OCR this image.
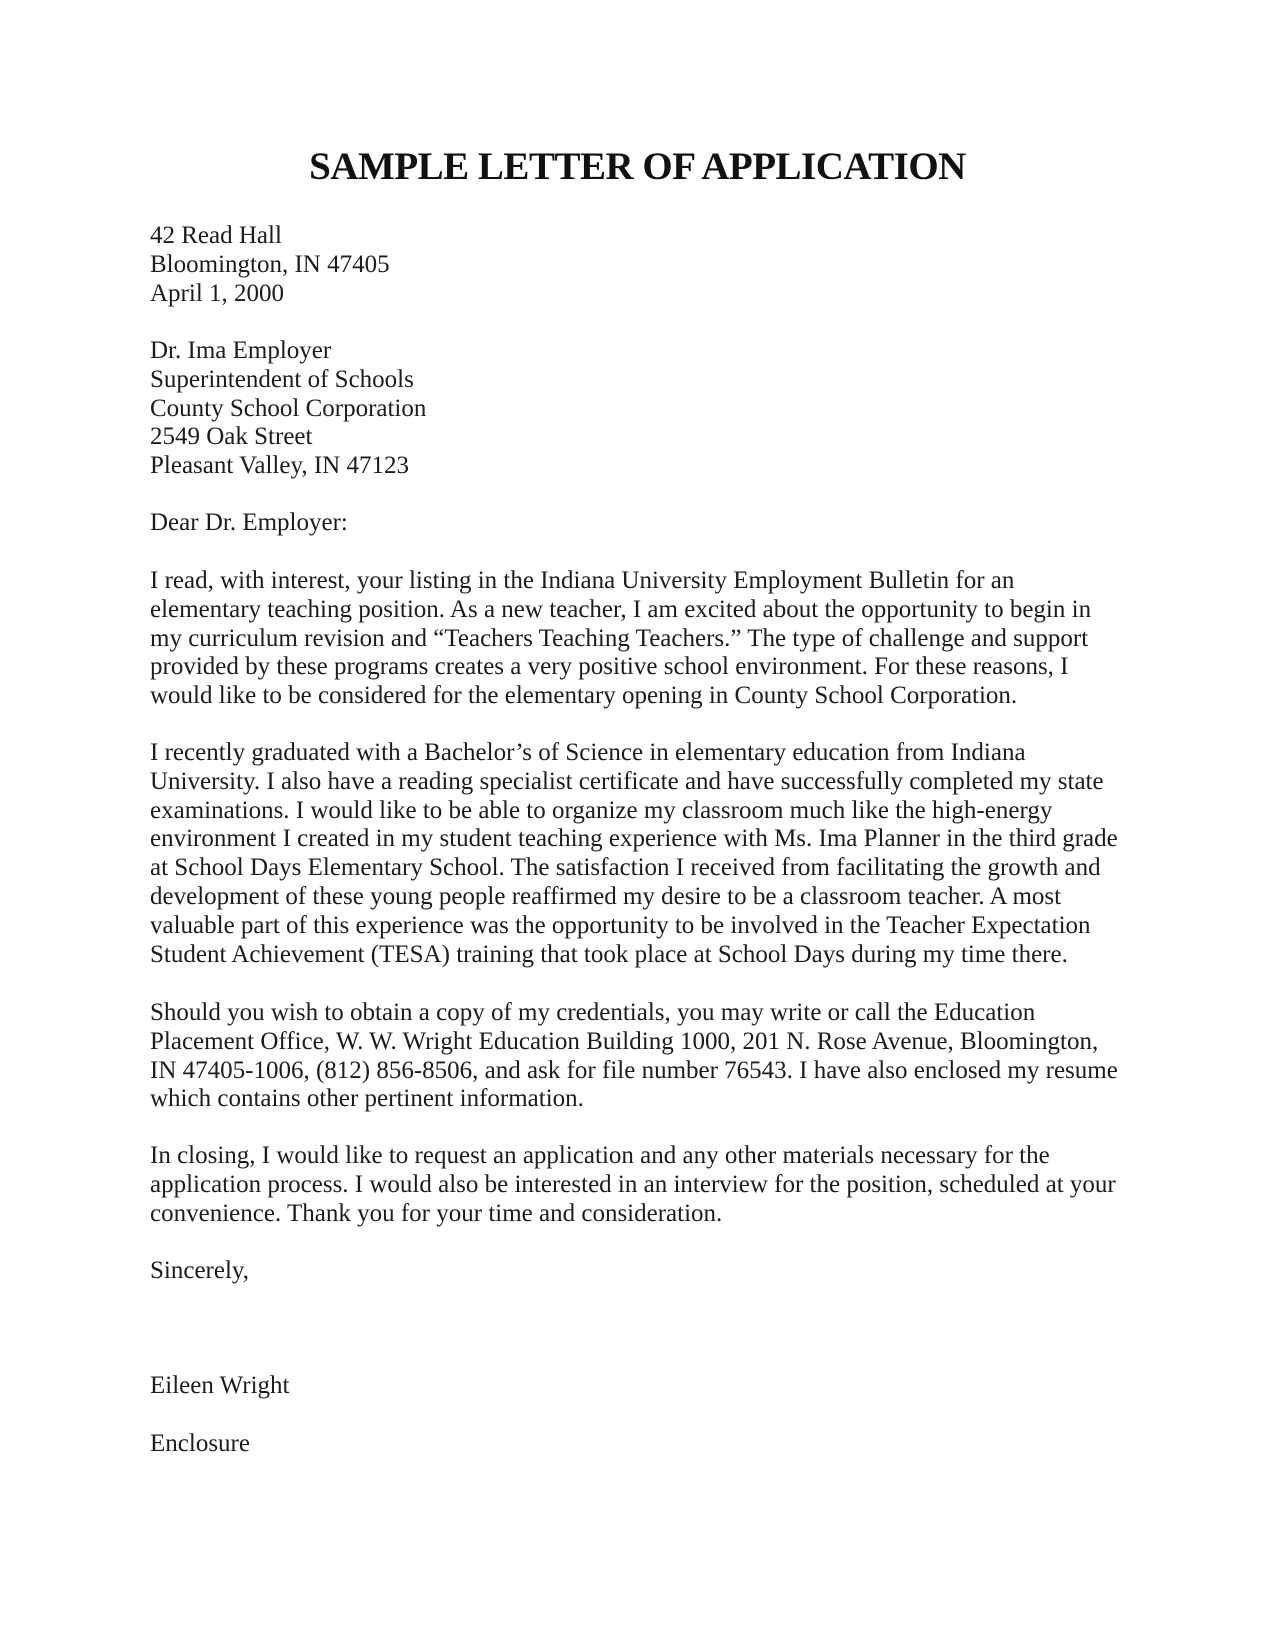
SAMPLE LETTER OF APPLICATION
42 Read Hall
Bloomington, IN 47405
April 1, 2000
Dr. Ima Employer
Superintendent of Schools
County School Corporation
2549 Oak Street
Pleasant Valley, IN 47123
Dear Dr. Employer:
I read, with interest, your listing in the Indiana University Employment Bulletin for an
elementary teaching position. As a new teacher, I am excited about the opportunity to begin in
my curriculum revision and “Teachers Teaching Teachers.” The type of challenge and support
provided by these programs creates a very positive school environment. For these reasons, I
would like to be considered for the elementary opening in County School Corporation.
I recently graduated with a Bachelor’s of Science in elementary education from Indiana
University. I also have a reading specialist certificate and have successfully completed my state
examinations. I would like to be able to organize my classroom much like the high-energy
environment I created in my student teaching experience with Ms. Ima Planner in the third grade
at School Days Elementary School. The satisfaction I received from facilitating the growth and
development of these young people reaffirmed my desire to be a classroom teacher. A most
valuable part of this experience was the opportunity to be involved in the Teacher Expectation
Student Achievement (TESA) training that took place at School Days during my time there.
Should you wish to obtain a copy of my credentials, you may write or call the Education
Placement Office, W. W. Wright Education Building 1000, 201 N. Rose Avenue, Bloomington,
IN 47405-1006, (812) 856-8506, and ask for file number 76543. I have also enclosed my resume
which contains other pertinent information.
In closing, I would like to request an application and any other materials necessary for the
application process. I would also be interested in an interview for the position, scheduled at your
convenience. Thank you for your time and consideration.
Sincerely,
Eileen Wright
Enclosure
